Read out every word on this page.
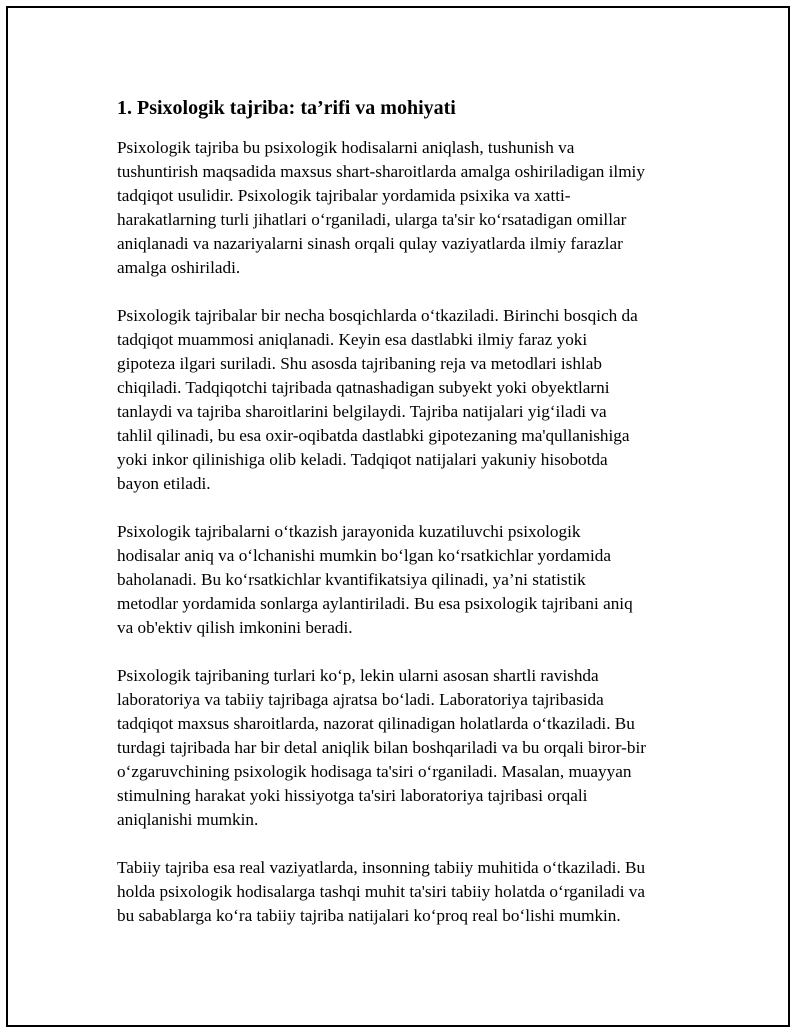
1. Psixologik tajriba: ta’rifi va mohiyati

Psixologik tajriba bu psixologik hodisalarni aniqlash, tushunish va
tushuntirish maqsadida maxsus shart-sharoitlarda amalga oshiriladigan ilmiy
tadqiqot usulidir. Psixologik tajribalar yordamida psixika va xatti-
harakatlarning turli jihatlari o‘rganiladi, ularga ta'sir ko‘rsatadigan omillar
aniqlanadi va nazariyalarni sinash orqali qulay vaziyatlarda ilmiy farazlar
amalga oshiriladi.

Psixologik tajribalar bir necha bosqichlarda o‘tkaziladi. Birinchi bosqich da
tadqiqot muammosi aniqlanadi. Keyin esa dastlabki ilmiy faraz yoki
gipoteza ilgari suriladi. Shu asosda tajribaning reja va metodlari ishlab
chiqiladi. Tadqiqotchi tajribada qatnashadigan subyekt yoki obyektlarni
tanlaydi va tajriba sharoitlarini belgilaydi. Tajriba natijalari yig‘iladi va
tahlil qilinadi, bu esa oxir-oqibatda dastlabki gipotezaning ma'qullanishiga
yoki inkor qilinishiga olib keladi. Tadqiqot natijalari yakuniy hisobotda
bayon etiladi.

Psixologik tajribalarni o‘tkazish jarayonida kuzatiluvchi psixologik
hodisalar aniq va o‘lchanishi mumkin bo‘lgan ko‘rsatkichlar yordamida
baholanadi. Bu ko‘rsatkichlar kvantifikatsiya qilinadi, ya’ni statistik
metodlar yordamida sonlarga aylantiriladi. Bu esa psixologik tajribani aniq
va ob'ektiv qilish imkonini beradi.

Psixologik tajribaning turlari ko‘p, lekin ularni asosan shartli ravishda
laboratoriya va tabiiy tajribaga ajratsa bo‘ladi. Laboratoriya tajribasida
tadqiqot maxsus sharoitlarda, nazorat qilinadigan holatlarda o‘tkaziladi. Bu
turdagi tajribada har bir detal aniqlik bilan boshqariladi va bu orqali biror-bir
o‘zgaruvchining psixologik hodisaga ta'siri o‘rganiladi. Masalan, muayyan
stimulning harakat yoki hissiyotga ta'siri laboratoriya tajribasi orqali
aniqlanishi mumkin.

Tabiiy tajriba esa real vaziyatlarda, insonning tabiiy muhitida o‘tkaziladi. Bu
holda psixologik hodisalarga tashqi muhit ta'siri tabiiy holatda o‘rganiladi va
bu sabablarga ko‘ra tabiiy tajriba natijalari ko‘proq real bo‘lishi mumkin.
